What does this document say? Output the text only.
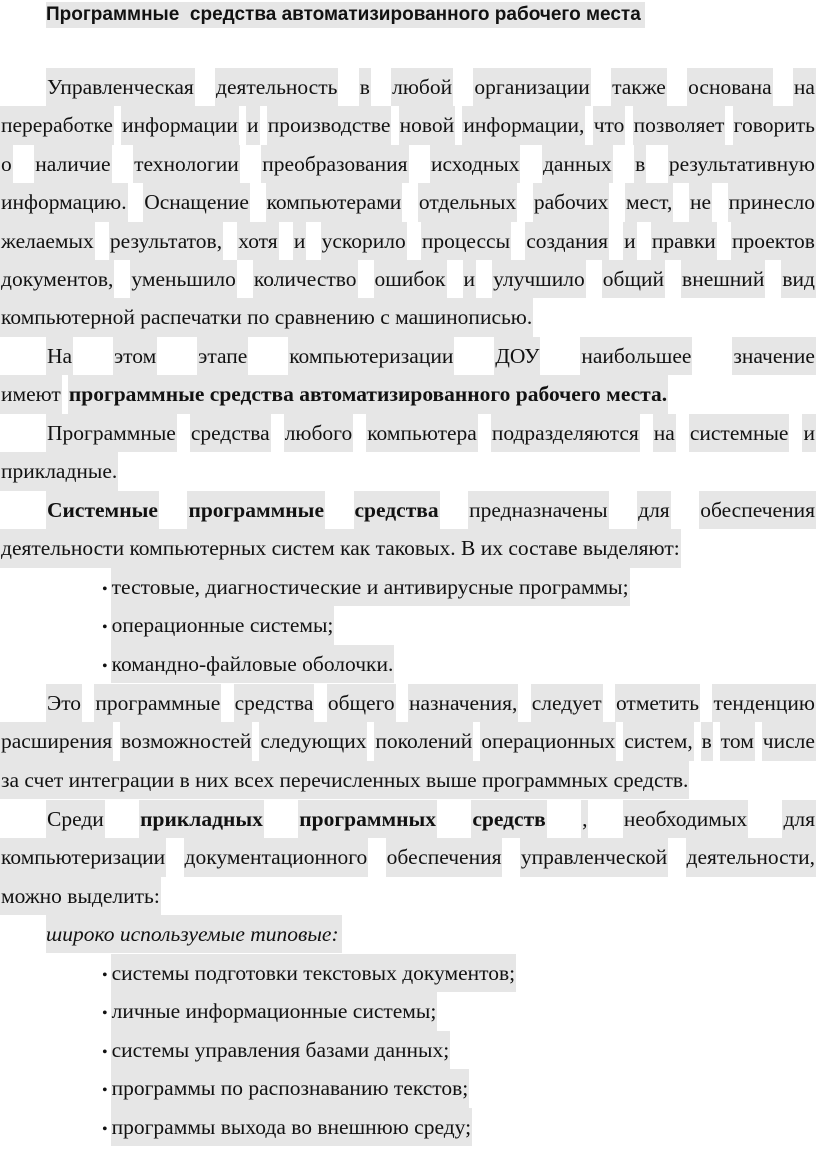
Программные  средства автоматизированного рабочего места
Управленческая деятельность в любой организации также основана на
переработке информации и производстве новой информации, что позволяет говорить
о наличие технологии преобразования исходных данных в результативную
информацию. Оснащение компьютерами отдельных рабочих мест, не принесло
желаемых результатов, хотя и ускорило процессы создания и правки проектов
документов, уменьшило количество ошибок и улучшило общий внешний вид
компьютерной распечатки по сравнению с машинописью.
На этом этапе компьютеризации ДОУ наибольшее значение
имеют программные средства автоматизированного рабочего места.
Программные средства любого компьютера подразделяются на системные и
прикладные.
Системные программные средства предназначены для обеспечения
деятельности компьютерных систем как таковых. В их составе выделяют:
• тестовые, диагностические и антивирусные программы;
• операционные системы;
• командно-файловые оболочки.
Это программные средства общего назначения, следует отметить тенденцию
расширения возможностей следующих поколений операционных систем, в том числе
за счет интеграции в них всех перечисленных выше программных средств.
Среди прикладных программных средств , необходимых для
компьютеризации документационного обеспечения управленческой деятельности,
можно выделить:
широко используемые типовые:
• системы подготовки текстовых документов;
• личные информационные системы;
• системы управления базами данных;
• программы по распознаванию текстов;
• программы выхода во внешнюю среду;
